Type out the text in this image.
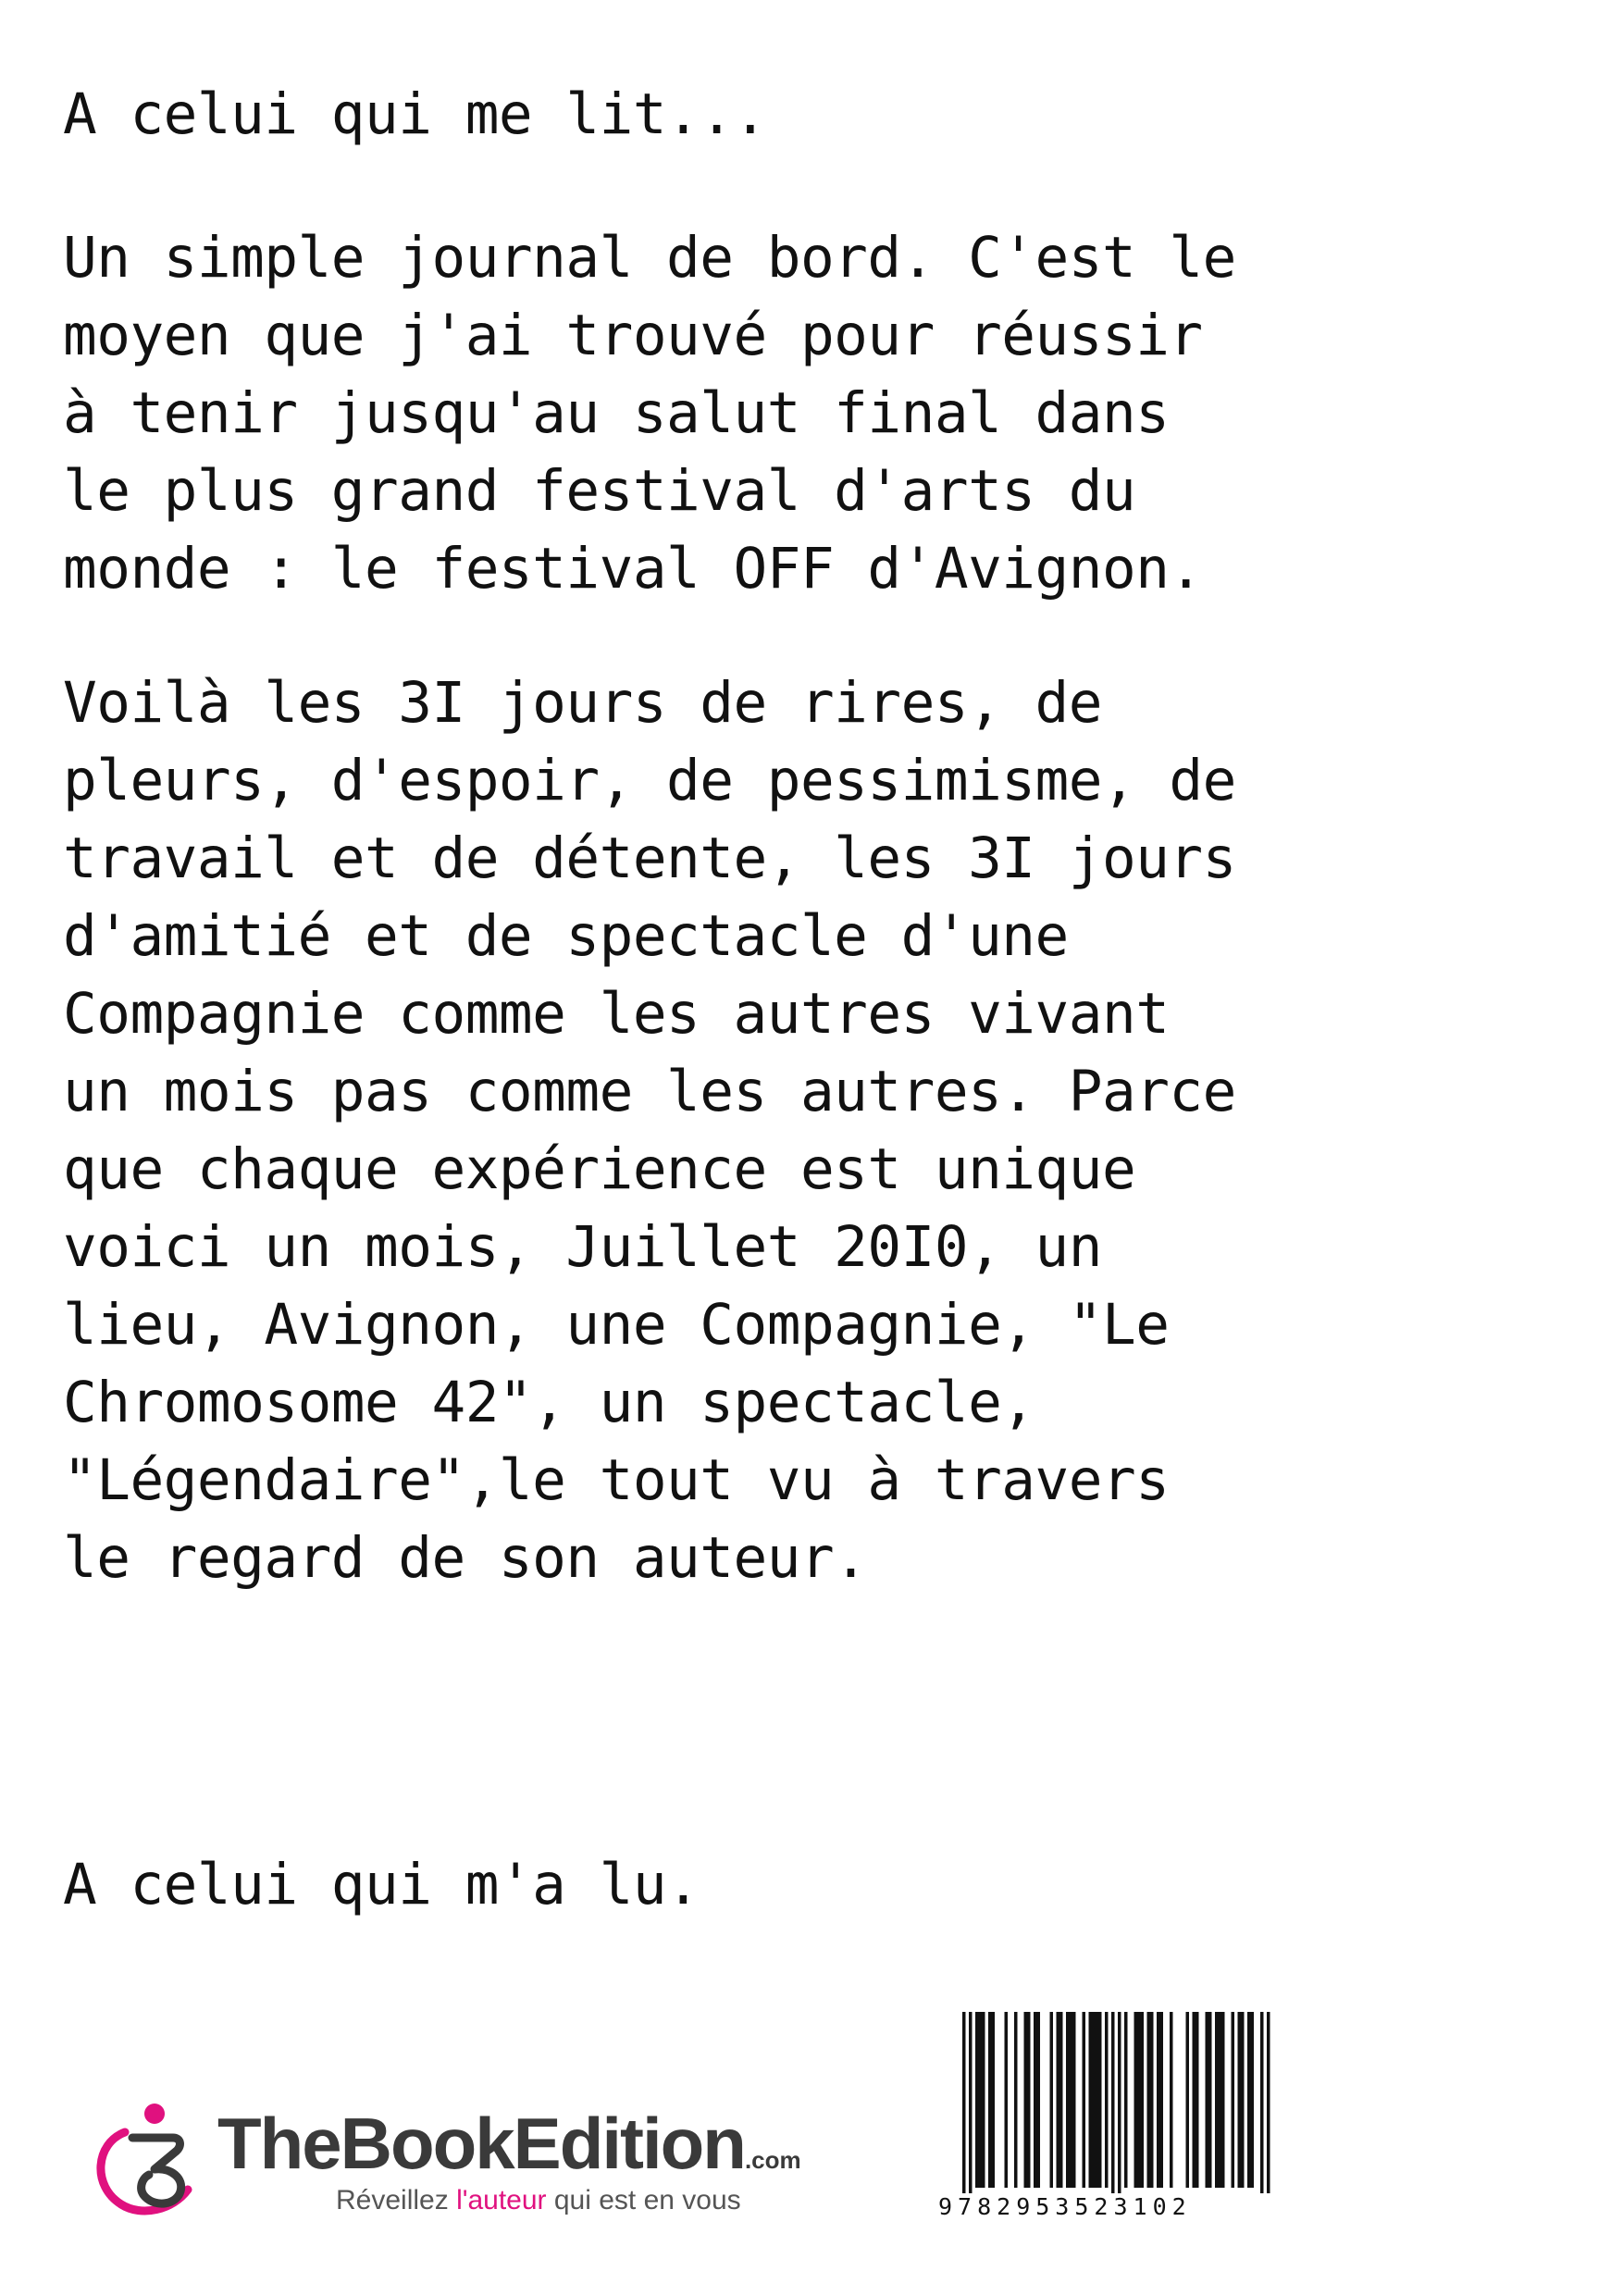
A celui qui me lit...

Un simple journal de bord. C'est le
moyen que j'ai trouvé pour réussir
à tenir jusqu'au salut final dans
le plus grand festival d'arts du
monde : le festival OFF d'Avignon.
Voilà les 3I jours de rires, de
pleurs, d'espoir, de pessimisme, de
travail et de détente, les 3I jours
d'amitié et de spectacle d'une
Compagnie comme les autres vivant
un mois pas comme les autres. Parce
que chaque expérience est unique
voici un mois, Juillet 20I0, un
lieu, Avignon, une Compagnie, "Le
Chromosome 42", un spectacle,
"Légendaire",le tout vu à travers
le regard de son auteur.

A celui qui m'a lu.

TheBookEdition.com
Réveillez l'auteur qui est en vous	9782953523102
